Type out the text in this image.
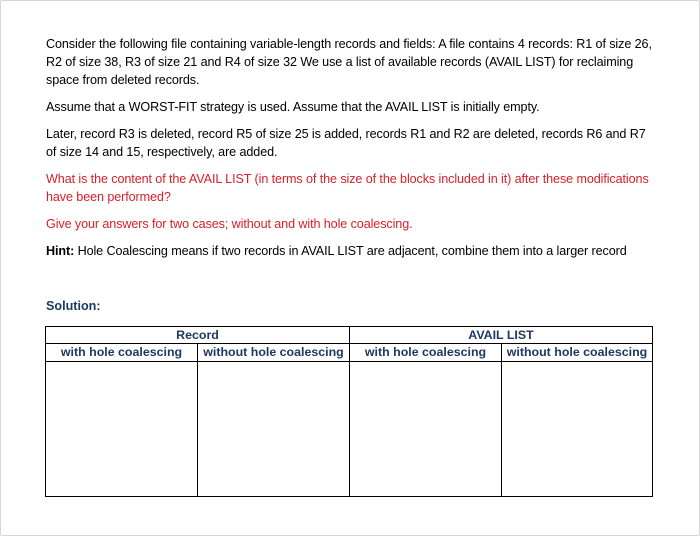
Consider the following file containing variable-length records and fields: A file contains 4 records: R1 of size 26, R2 of size 38, R3 of size 21 and R4 of size 32 We use a list of available records (AVAIL LIST) for reclaiming space from deleted records.

Assume that a WORST-FIT strategy is used. Assume that the AVAIL LIST is initially empty.

Later, record R3 is deleted, record R5 of size 25 is added, records R1 and R2 are deleted, records R6 and R7 of size 14 and 15, respectively, are added.

What is the content of the AVAIL LIST (in terms of the size of the blocks included in it) after these modifications have been performed?

Give your answers for two cases; without and with hole coalescing.

Hint: Hole Coalescing means if two records in AVAIL LIST are adjacent, combine them into a larger record

Solution:
Record		AVAIL LIST	
with hole coalescing	without hole coalescing	with hole coalescing	without hole coalescing
